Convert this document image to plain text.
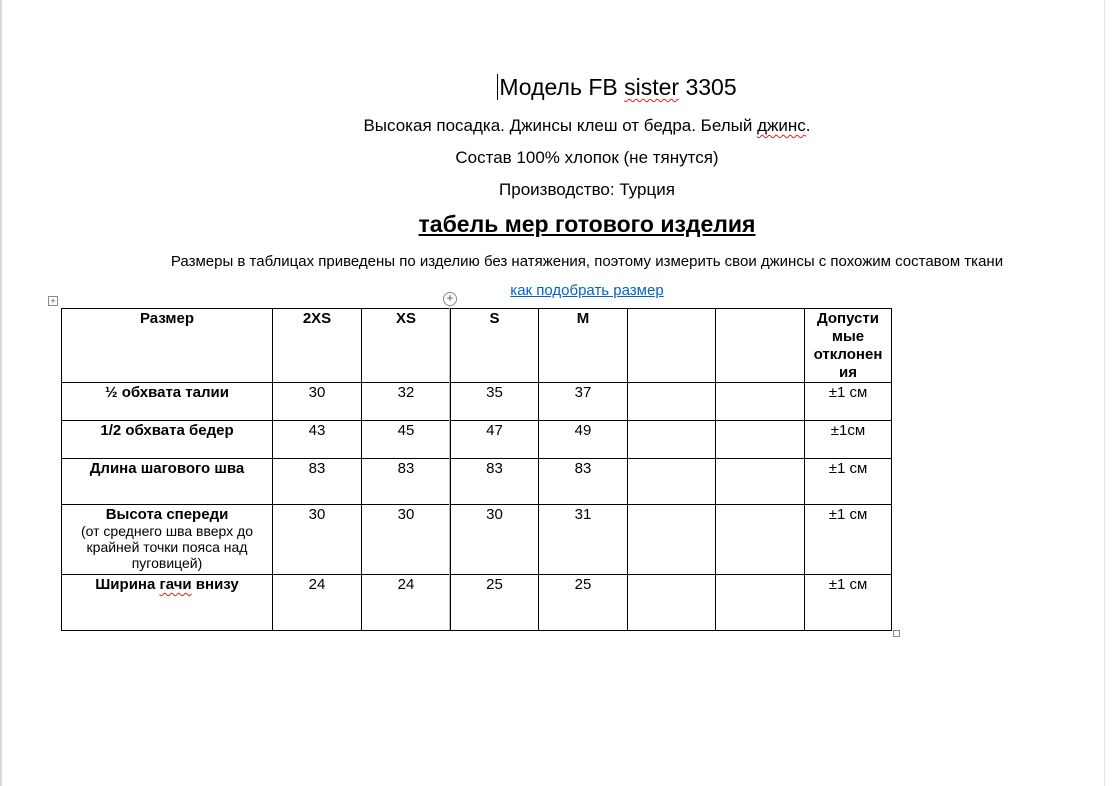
Модель FB sister 3305
Высокая посадка. Джинсы клеш от бедра. Белый джинс.
Состав 100% хлопок (не тянутся)
Производство: Турция
табель мер готового изделия
Размеры в таблицах приведены по изделию без натяжения, поэтому измерить свои джинсы с похожим составом ткани
как подобрать размер
+	+
Размер	2XS	XS	S	M			Допусти
мые
отклонен
ия
½ обхвата талии	30	32	35	37			±1 см
1/2 обхвата бедер	43	45	47	49			±1см
Длина шагового шва	83	83	83	83			±1 см
Высота спереди
(от среднего шва вверх до крайней точки пояса над пуговицей)	30	30	30	31			±1 см
Ширина гачи внизу	24	24	25	25			±1 см
